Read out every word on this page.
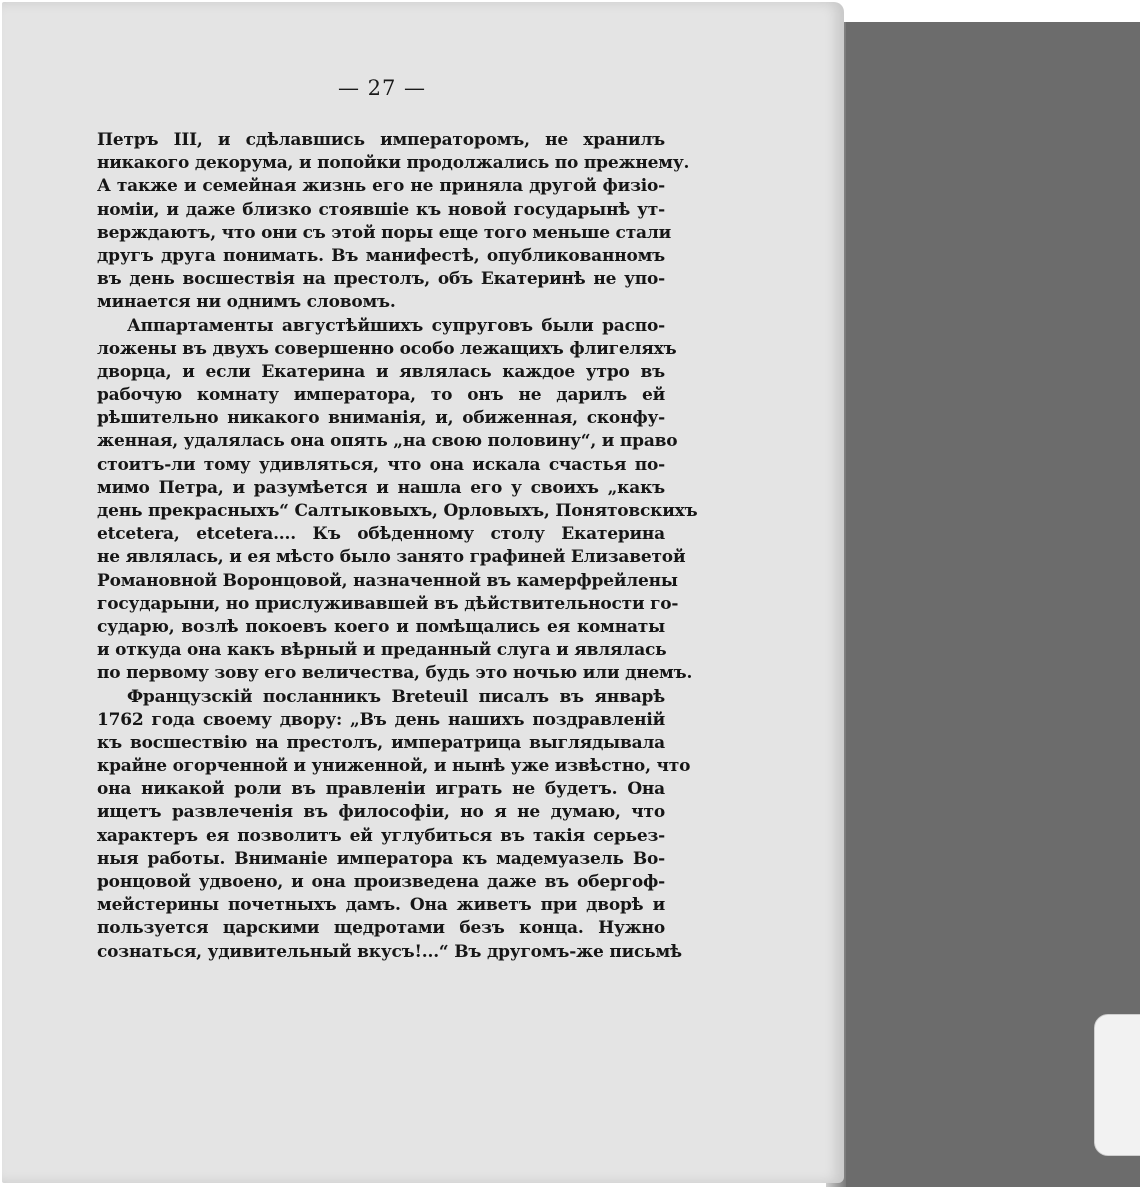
— 27 —
Петръ III, и сдѣлавшись императоромъ, не хранилъ
никакого декорума, и попойки продолжались по прежнему.
А также и семейная жизнь его не приняла другой физіо-
номіи, и даже близко стоявшіе къ новой государынѣ ут-
верждаютъ, что они съ этой поры еще того меньше стали
другъ друга понимать. Въ манифестѣ, опубликованномъ
въ день восшествія на престолъ, объ Екатеринѣ не упо-
минается ни однимъ словомъ.
Аппартаменты августѣйшихъ супруговъ были распо-
ложены въ двухъ совершенно особо лежащихъ флигеляхъ
дворца, и если Екатерина и являлась каждое утро въ
рабочую комнату императора, то онъ не дарилъ ей
рѣшительно никакого вниманія, и, обиженная, сконфу-
женная, удалялась она опять „на свою половину“, и право
стоитъ-ли тому удивляться, что она искала счастья по-
мимо Петра, и разумѣется и нашла его у своихъ „какъ
день прекрасныхъ“ Салтыковыхъ, Орловыхъ, Понятовскихъ
etcetera, etcetera.... Къ обѣденному столу Екатерина
не являлась, и ея мѣсто было занято графиней Елизаветой
Романовной Воронцовой, назначенной въ камерфрейлены
государыни, но прислуживавшей въ дѣйствительности го-
сударю, возлѣ покоевъ коего и помѣщались ея комнаты
и откуда она какъ вѣрный и преданный слуга и являлась
по первому зову его величества, будь это ночью или днемъ.
Французскій посланникъ Breteuil писалъ въ январѣ
1762 года своему двору: „Въ день нашихъ поздравленій
къ восшествію на престолъ, императрица выглядывала
крайне огорченной и униженной, и нынѣ уже извѣстно, что
она никакой роли въ правленіи играть не будетъ. Она
ищетъ развлеченія въ философіи, но я не думаю, что
характеръ ея позволитъ ей углубиться въ такія серьез-
ныя работы. Вниманіе императора къ мадемуазель Во-
ронцовой удвоено, и она произведена даже въ обергоф-
мейстерины почетныхъ дамъ. Она живетъ при дворѣ и
пользуется царскими щедротами безъ конца. Нужно
сознаться, удивительный вкусъ!...“ Въ другомъ-же письмѣ
